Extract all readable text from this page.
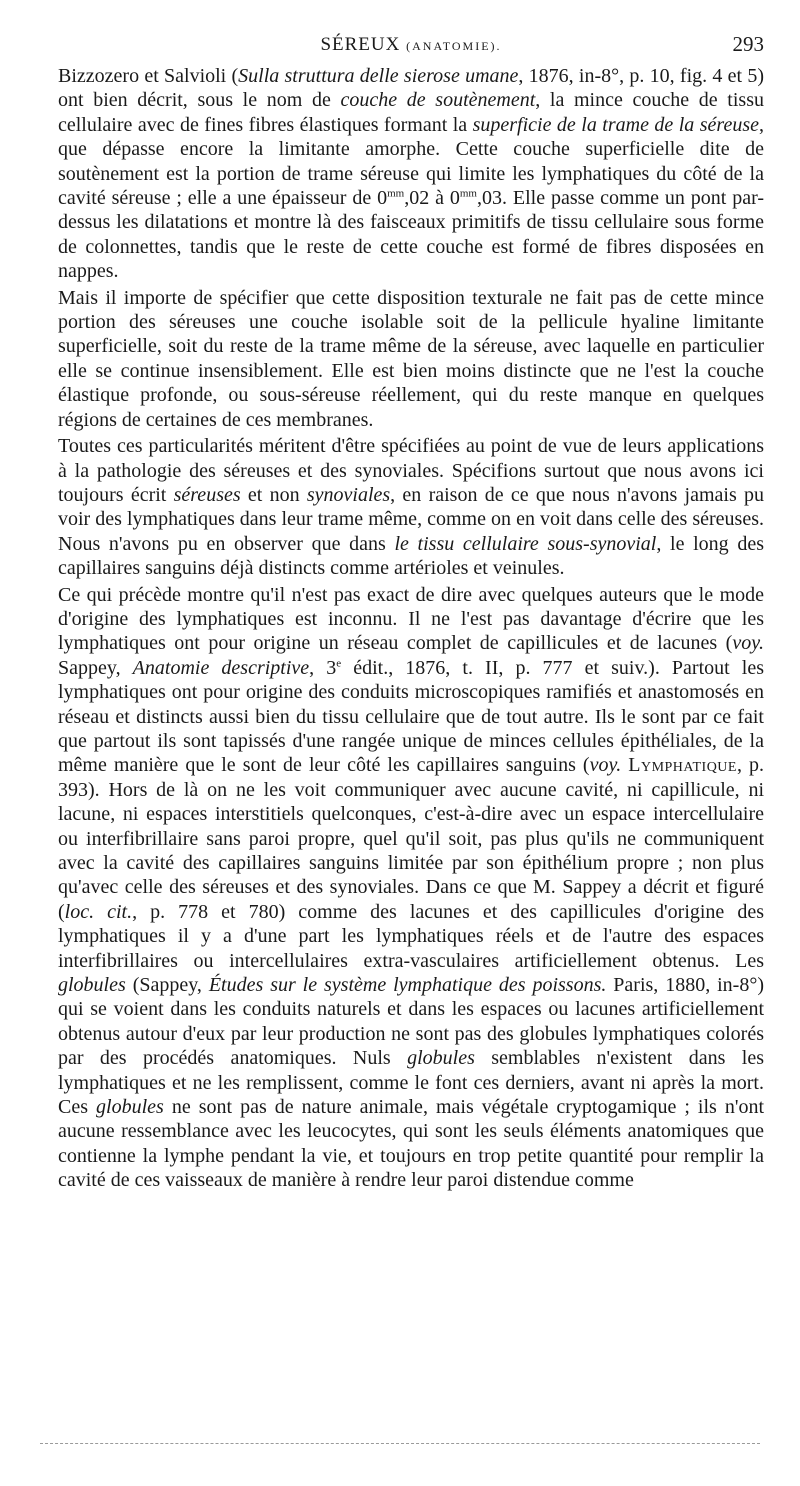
SÉREUX (ANATOMIE).	293

Bizzozero et Salvioli (Sulla struttura delle sierose umane, 1876, in-8°, p. 10, fig. 4 et 5) ont bien décrit, sous le nom de couche de soutènement, la mince couche de tissu cellulaire avec de fines fibres élastiques formant la superficie de la trame de la séreuse, que dépasse encore la limitante amorphe. Cette couche superficielle dite de soutènement est la portion de trame séreuse qui limite les lymphatiques du côté de la cavité séreuse ; elle a une épaisseur de $0^{mm},02$ à $0^{mm},03$. Elle passe comme un pont par-dessus les dilatations et montre là des faisceaux primitifs de tissu cellulaire sous forme de colonnettes, tandis que le reste de cette couche est formé de fibres disposées en nappes.

Mais il importe de spécifier que cette disposition texturale ne fait pas de cette mince portion des séreuses une couche isolable soit de la pellicule hyaline limitante superficielle, soit du reste de la trame même de la séreuse, avec laquelle en particulier elle se continue insensiblement. Elle est bien moins distincte que ne l'est la couche élastique profonde, ou sous-séreuse réellement, qui du reste manque en quelques régions de certaines de ces membranes.

Toutes ces particularités méritent d'être spécifiées au point de vue de leurs applications à la pathologie des séreuses et des synoviales. Spécifions surtout que nous avons ici toujours écrit séreuses et non synoviales, en raison de ce que nous n'avons jamais pu voir des lymphatiques dans leur trame même, comme on en voit dans celle des séreuses. Nous n'avons pu en observer que dans le tissu cellulaire sous-synovial, le long des capillaires sanguins déjà distincts comme artérioles et veinules.

Ce qui précède montre qu'il n'est pas exact de dire avec quelques auteurs que le mode d'origine des lymphatiques est inconnu. Il ne l'est pas davantage d'écrire que les lymphatiques ont pour origine un réseau complet de capillicules et de lacunes (voy. Sappey, Anatomie descriptive, 3e édit., 1876, t. II, p. 777 et suiv.). Partout les lymphatiques ont pour origine des conduits microscopiques ramifiés et anastomosés en réseau et distincts aussi bien du tissu cellulaire que de tout autre. Ils le sont par ce fait que partout ils sont tapissés d'une rangée unique de minces cellules épithéliales, de la même manière que le sont de leur côté les capillaires sanguins (voy. Lymphatique, p. 393). Hors de là on ne les voit communiquer avec aucune cavité, ni capillicule, ni lacune, ni espaces interstitiels quelconques, c'est-à-dire avec un espace intercellulaire ou interfibrillaire sans paroi propre, quel qu'il soit, pas plus qu'ils ne communiquent avec la cavité des capillaires sanguins limitée par son épithélium propre ; non plus qu'avec celle des séreuses et des synoviales. Dans ce que M. Sappey a décrit et figuré (loc. cit., p. 778 et 780) comme des lacunes et des capillicules d'origine des lymphatiques il y a d'une part les lymphatiques réels et de l'autre des espaces interfibrillaires ou intercellulaires extra-vasculaires artificiellement obtenus. Les globules (Sappey, Études sur le système lymphatique des poissons. Paris, 1880, in-8°) qui se voient dans les conduits naturels et dans les espaces ou lacunes artificiellement obtenus autour d'eux par leur production ne sont pas des globules lymphatiques colorés par des procédés anatomiques. Nuls globules semblables n'existent dans les lymphatiques et ne les remplissent, comme le font ces derniers, avant ni après la mort. Ces globules ne sont pas de nature animale, mais végétale cryptogamique ; ils n'ont aucune ressemblance avec les leucocytes, qui sont les seuls éléments anatomiques que contienne la lymphe pendant la vie, et toujours en trop petite quantité pour remplir la cavité de ces vaisseaux de manière à rendre leur paroi distendue comme
